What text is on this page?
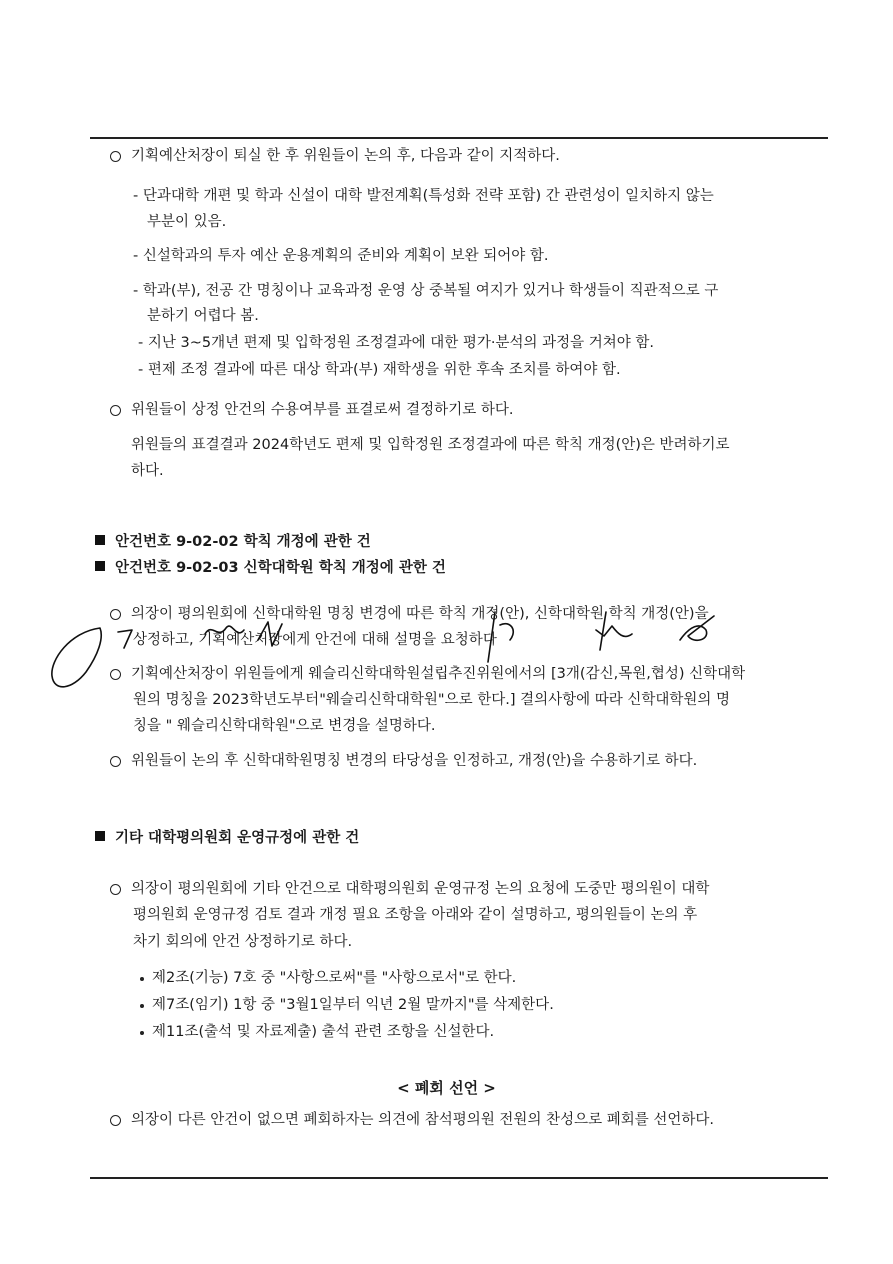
기획예산처장이 퇴실 한 후 위원들이 논의 후, 다음과 같이 지적하다.
- 단과대학 개편 및 학과 신설이 대학 발전계획(특성화 전략 포함) 간 관련성이 일치하지 않는
부분이 있음.
- 신설학과의 투자 예산 운용계획의 준비와 계획이 보완 되어야 함.
- 학과(부), 전공 간 명칭이나 교육과정 운영 상 중복될 여지가 있거나 학생들이 직관적으로 구
분하기 어렵다 봄.
- 지난 3~5개년 편제 및 입학정원 조정결과에 대한 평가·분석의 과정을 거쳐야 함.
- 편제 조정 결과에 따른 대상 학과(부) 재학생을 위한 후속 조치를 하여야 함.
위원들이 상정 안건의 수용여부를 표결로써 결정하기로 하다.
위원들의 표결결과 2024학년도 편제 및 입학정원 조정결과에 따른 학칙 개정(안)은 반려하기로
하다.
안건번호 9-02-02 학칙 개정에 관한 건
안건번호 9-02-03 신학대학원 학칙 개정에 관한 건
의장이 평의원회에 신학대학원 명칭 변경에 따른 학칙 개정(안), 신학대학원 학칙 개정(안)을
상정하고, 기획예산처장에게 안건에 대해 설명을 요청하다
기획예산처장이 위원들에게 웨슬리신학대학원설립추진위원에서의 [3개(감신,목원,협성) 신학대학
원의 명칭을 2023학년도부터"웨슬리신학대학원"으로 한다.] 결의사항에 따라 신학대학원의 명
칭을 " 웨슬리신학대학원"으로 변경을 설명하다.
위원들이 논의 후 신학대학원명칭 변경의 타당성을 인정하고, 개정(안)을 수용하기로 하다.
기타 대학평의원회 운영규정에 관한 건
의장이 평의원회에 기타 안건으로 대학평의원회 운영규정 논의 요청에 도중만 평의원이 대학
평의원회 운영규정 검토 결과 개정 필요 조항을 아래와 같이 설명하고, 평의원들이 논의 후
차기 회의에 안건 상정하기로 하다.
제2조(기능) 7호 중 "사항으로써"를 "사항으로서"로 한다.
제7조(임기) 1항 중 "3월1일부터 익년 2월 말까지"를 삭제한다.
제11조(출석 및 자료제출) 출석 관련 조항을 신설한다.
< 폐회 선언 >
의장이 다른 안건이 없으면 폐회하자는 의견에 참석평의원 전원의 찬성으로 폐회를 선언하다.
